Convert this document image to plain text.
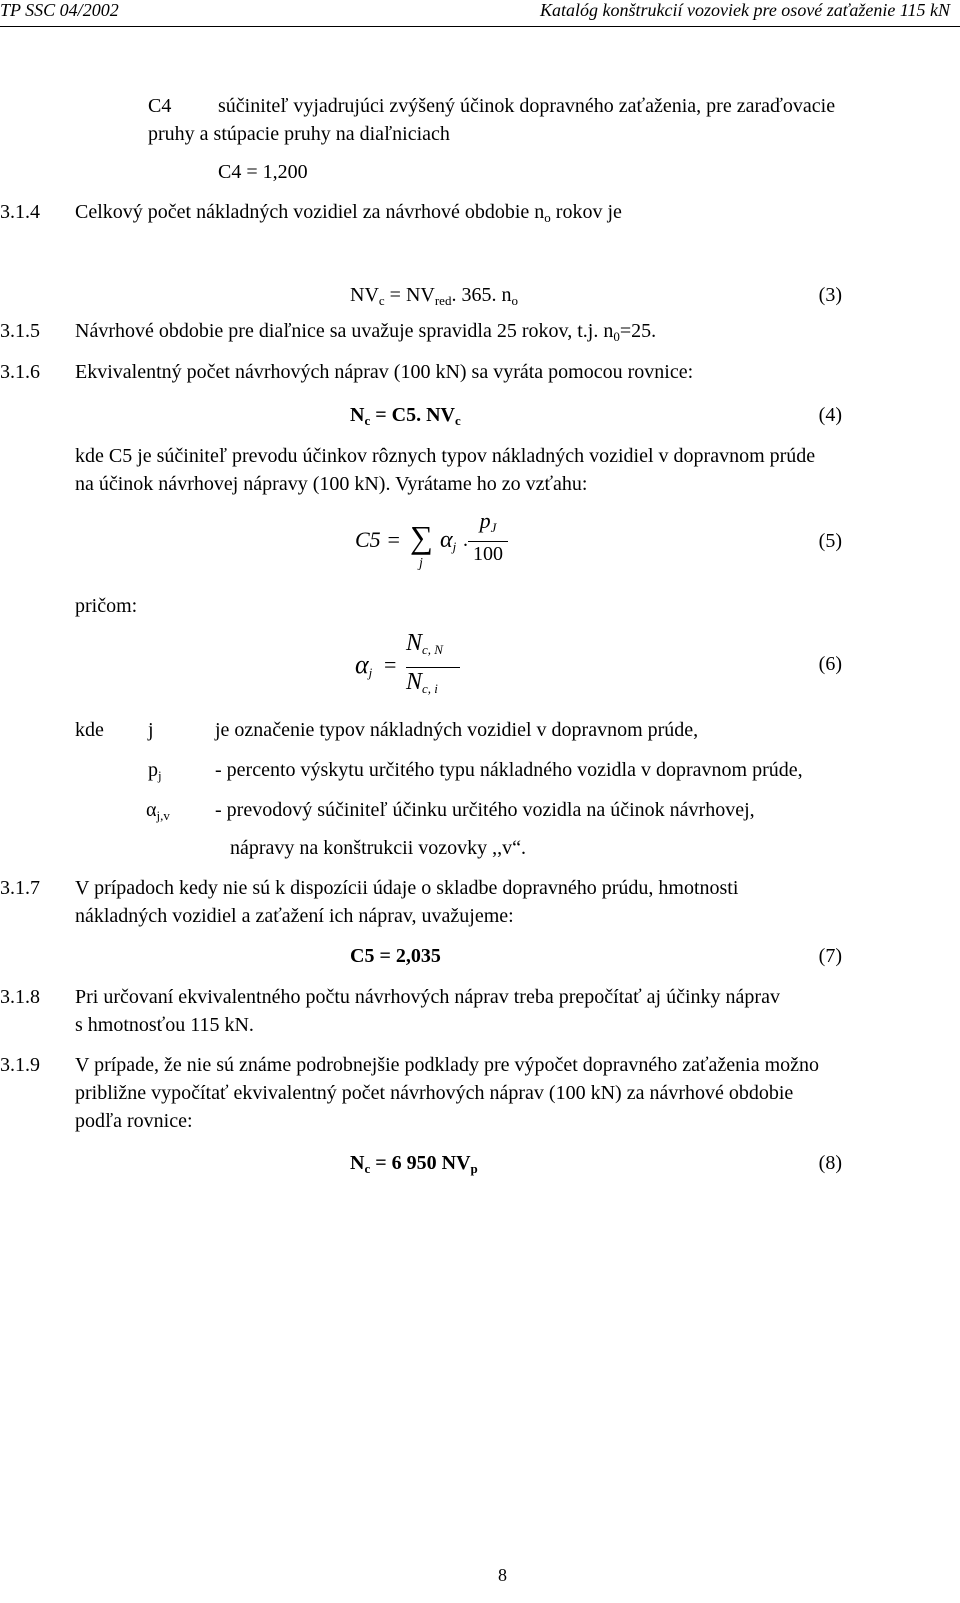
TP SSC 04/2002	Katalóg konštrukcií vozoviek pre osové zaťaženie 115 kN
C4 súčiniteľ vyjadrujúci zvýšený účinok dopravného zaťaženia, pre zaraďovacie
pruhy a stúpacie pruhy na diaľniciach
C4 = 1,200
3.1.4 Celkový počet nákladných vozidiel za návrhové obdobie $n_o$ rokov je
$NV_c = NV_{red}$. 365. $n_o$	(3)
3.1.5 Návrhové obdobie pre diaľnice sa uvažuje spravidla 25 rokov, t.j. $n_0=25$.
3.1.6 Ekvivalentný počet návrhových náprav (100 kN) sa vyráta pomocou rovnice:
$N_c = C5$. $NV_c$	(4)
kde C5 je súčiniteľ prevodu účinkov rôznych typov nákladných vozidiel v dopravnom prúde
na účinok návrhovej nápravy (100 kN). Vyrátame ho zo vzťahu:
C5 = ∑
j
$\alpha_j$ .
$p_J$
100
(5)
pričom:
$\alpha_j$ =
$N_{c, N}$
$N_{c, i}$
(6)
kde j	je označenie typov nákladných vozidiel v dopravnom prúde,
$p_j$	- percento výskytu určitého typu nákladného vozidla v dopravnom prúde,
$\alpha_{j,v}$ - prevodový súčiniteľ účinku určitého vozidla na účinok návrhovej,
nápravy na konštrukcii vozovky ,,v“.
3.1.7 V prípadoch kedy nie sú k dispozícii údaje o skladbe dopravného prúdu, hmotnosti
nákladných vozidiel a zaťažení ich náprav, uvažujeme:
C5 = 2,035	(7)
3.1.8 Pri určovaní ekvivalentného počtu návrhových náprav treba prepočítať aj účinky náprav
s hmotnosťou 115 kN.
3.1.9 V prípade, že nie sú známe podrobnejšie podklady pre výpočet dopravného zaťaženia možno
približne vypočítať ekvivalentný počet návrhových náprav (100 kN) za návrhové obdobie
podľa rovnice:
$N_c = 6$ 950 $NV_p$	(8)
8
